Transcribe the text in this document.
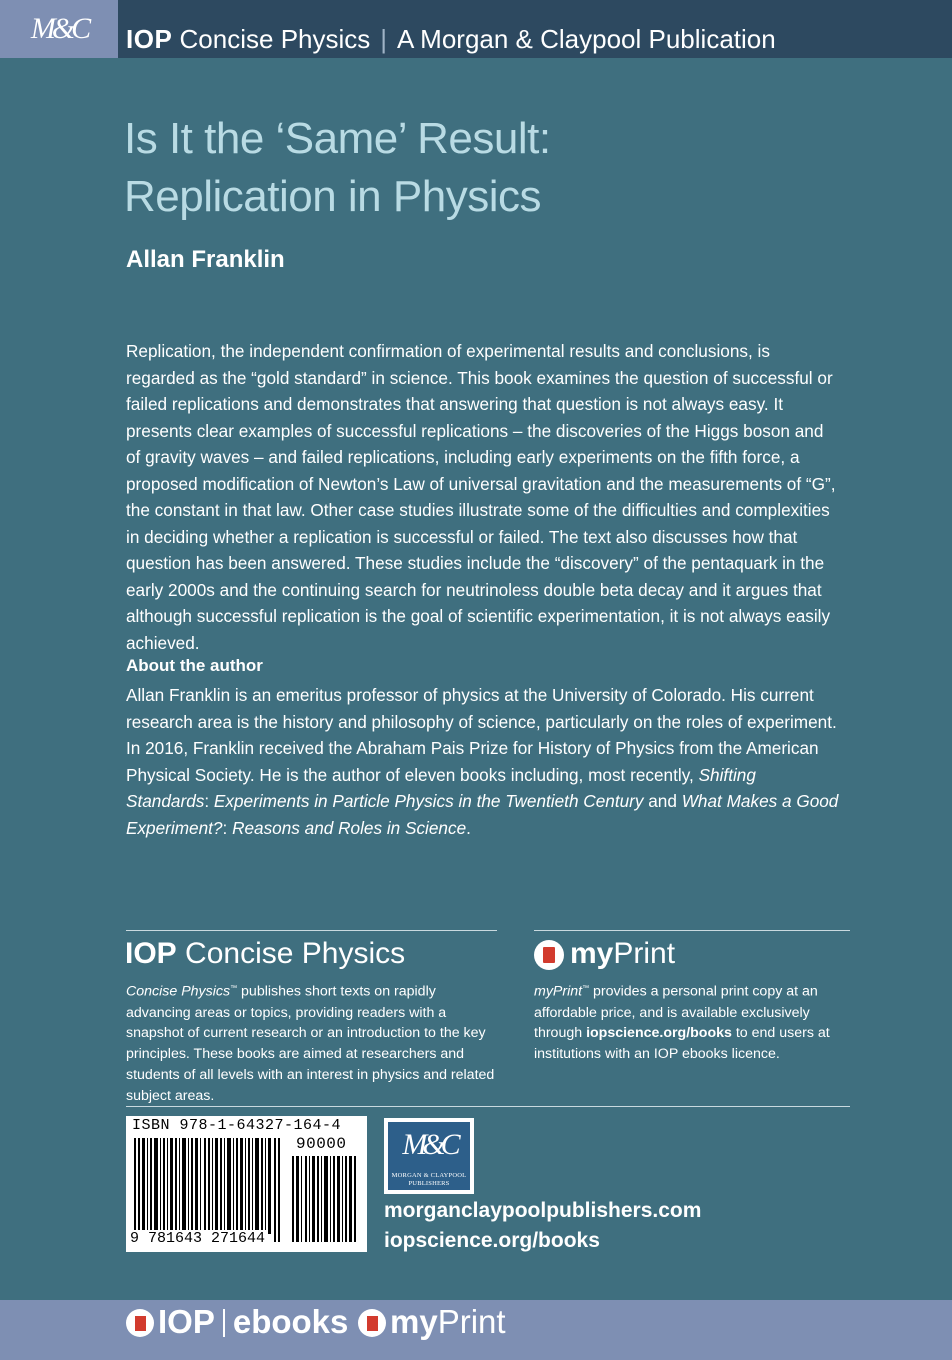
M&C IOP Concise Physics | A Morgan & Claypool Publication
Is It the ‘Same’ Result:
Replication in Physics
Allan Franklin
Replication, the independent confirmation of experimental results and conclusions, is regarded as the “gold standard” in science. This book examines the question of successful or failed replications and demonstrates that answering that question is not always easy. It presents clear examples of successful replications – the discoveries of the Higgs boson and of gravity waves – and failed replications, including early experiments on the fifth force, a proposed modification of Newton’s Law of universal gravitation and the measurements of “G”, the constant in that law. Other case studies illustrate some of the difficulties and complexities in deciding whether a replication is successful or failed. The text also discusses how that question has been answered. These studies include the “discovery” of the pentaquark in the early 2000s and the continuing search for neutrinoless double beta decay and it argues that although successful replication is the goal of scientific experimentation, it is not always easily achieved.
About the author
Allan Franklin is an emeritus professor of physics at the University of Colorado. His current research area is the history and philosophy of science, particularly on the roles of experiment. In 2016, Franklin received the Abraham Pais Prize for History of Physics from the American Physical Society. He is the author of eleven books including, most recently, Shifting Standards: Experiments in Particle Physics in the Twentieth Century and What Makes a Good Experiment?: Reasons and Roles in Science.
IOP Concise Physics
Concise Physics™ publishes short texts on rapidly advancing areas or topics, providing readers with a snapshot of current research or an introduction to the key principles. These books are aimed at researchers and students of all levels with an interest in physics and related subject areas.
myPrint
myPrint™ provides a personal print copy at an affordable price, and is available exclusively through iopscience.org/books to end users at institutions with an IOP ebooks licence.
ISBN 978-1-64327-164-4
90000
9 781643 271644
M&C
MORGAN & CLAYPOOL
PUBLISHERS
morganclaypoolpublishers.com
iopscience.org/books
IOP ebooks	myPrint
